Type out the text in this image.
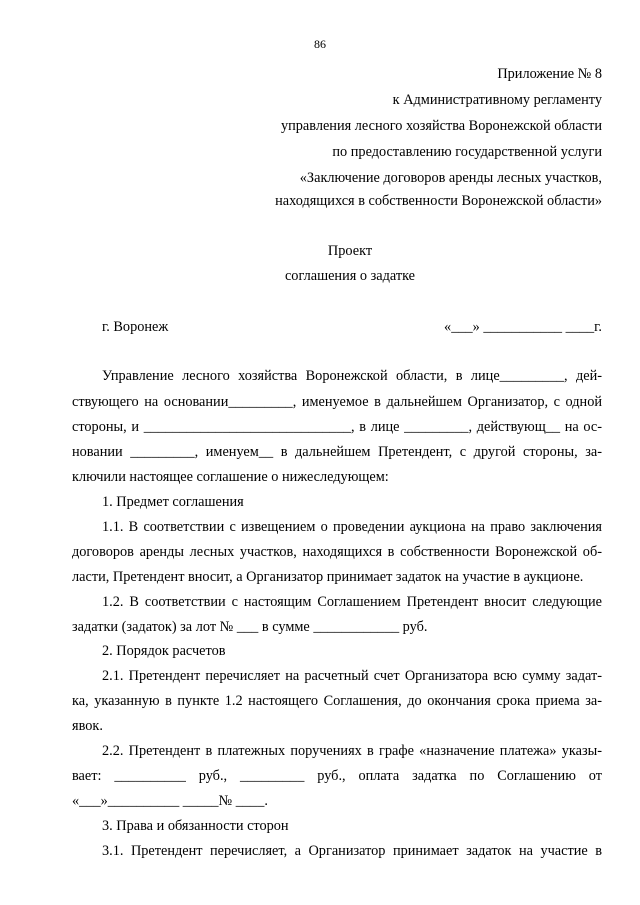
86
Приложение № 8
к Административному регламенту
управления лесного хозяйства Воронежской области
по предоставлению государственной услуги
«Заключение договоров аренды лесных участков,
находящихся в собственности Воронежской области»
Проект
соглашения о задатке
г. Воронеж	«___» ___________ ____г.
Управление лесного хозяйства Воронежской области, в лице_________, дей-
ствующего на основании_________, именуемое в дальнейшем Организатор, с одной
стороны, и _____________________________, в лице _________, действующ__ на ос-
новании _________, именуем__ в дальнейшем Претендент, с другой стороны, за-
ключили настоящее соглашение о нижеследующем:
1. Предмет соглашения
1.1. В соответствии с извещением о проведении аукциона на право заключения
договоров аренды лесных участков, находящихся в собственности Воронежской об-
ласти, Претендент вносит, а Организатор принимает задаток на участие в аукционе.
1.2. В соответствии с настоящим Соглашением Претендент вносит следующие
задатки (задаток) за лот № ___ в сумме ____________ руб.
2. Порядок расчетов
2.1. Претендент перечисляет на расчетный счет Организатора всю сумму задат-
ка, указанную в пункте 1.2 настоящего Соглашения, до окончания срока приема за-
явок.
2.2. Претендент в платежных поручениях в графе «назначение платежа» указы-
вает: __________ руб., _________ руб., оплата задатка по Соглашению от
«___»__________ _____№ ____.
3. Права и обязанности сторон
3.1. Претендент перечисляет, а Организатор принимает задаток на участие в
